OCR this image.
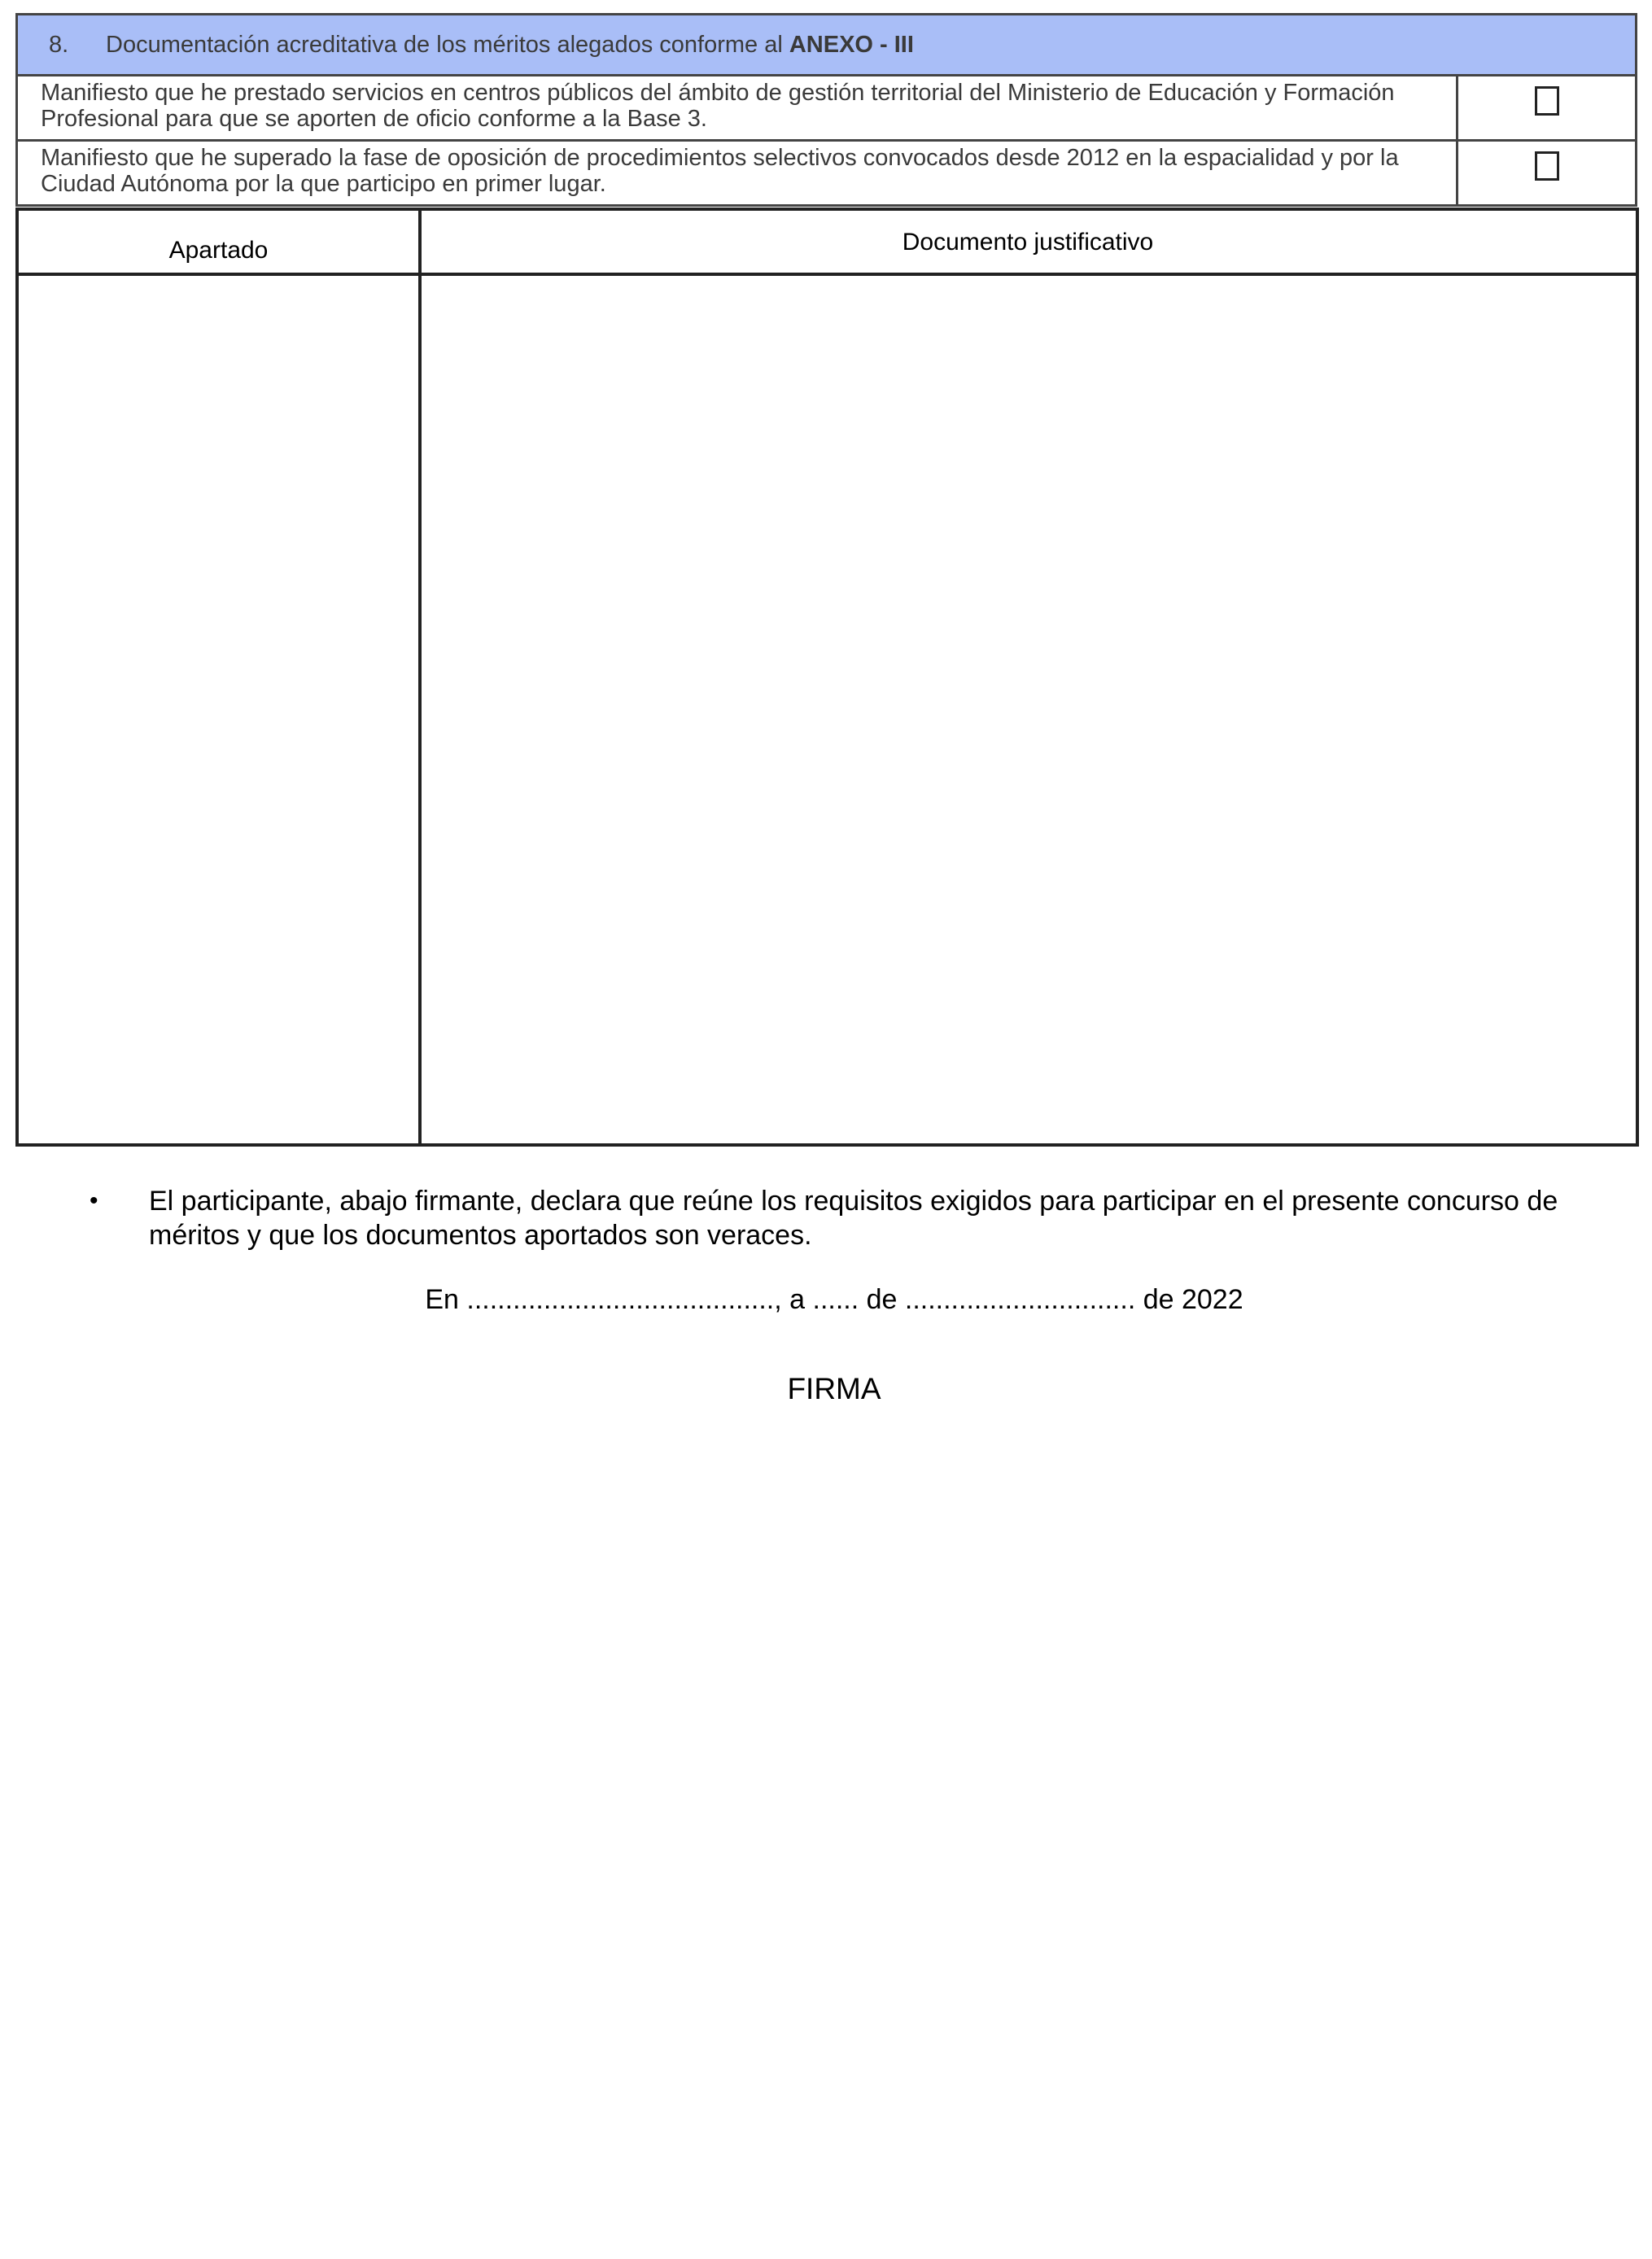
8.	Documentación acreditativa de los méritos alegados conforme al ANEXO - III
Manifiesto que he prestado servicios en centros públicos del ámbito de gestión territorial del Ministerio de Educación y Formación Profesional para que se aporten de oficio conforme a la Base 3.
Manifiesto que he superado la fase de oposición de procedimientos selectivos convocados desde 2012 en la espacialidad y por la Ciudad Autónoma por la que participo en primer lugar.
Apartado	Documento justificativo
• El participante, abajo firmante, declara que reúne los requisitos exigidos para participar en el presente concurso de méritos y que los documentos aportados son veraces.
En ........................................, a ...... de .............................. de 2022
FIRMA
